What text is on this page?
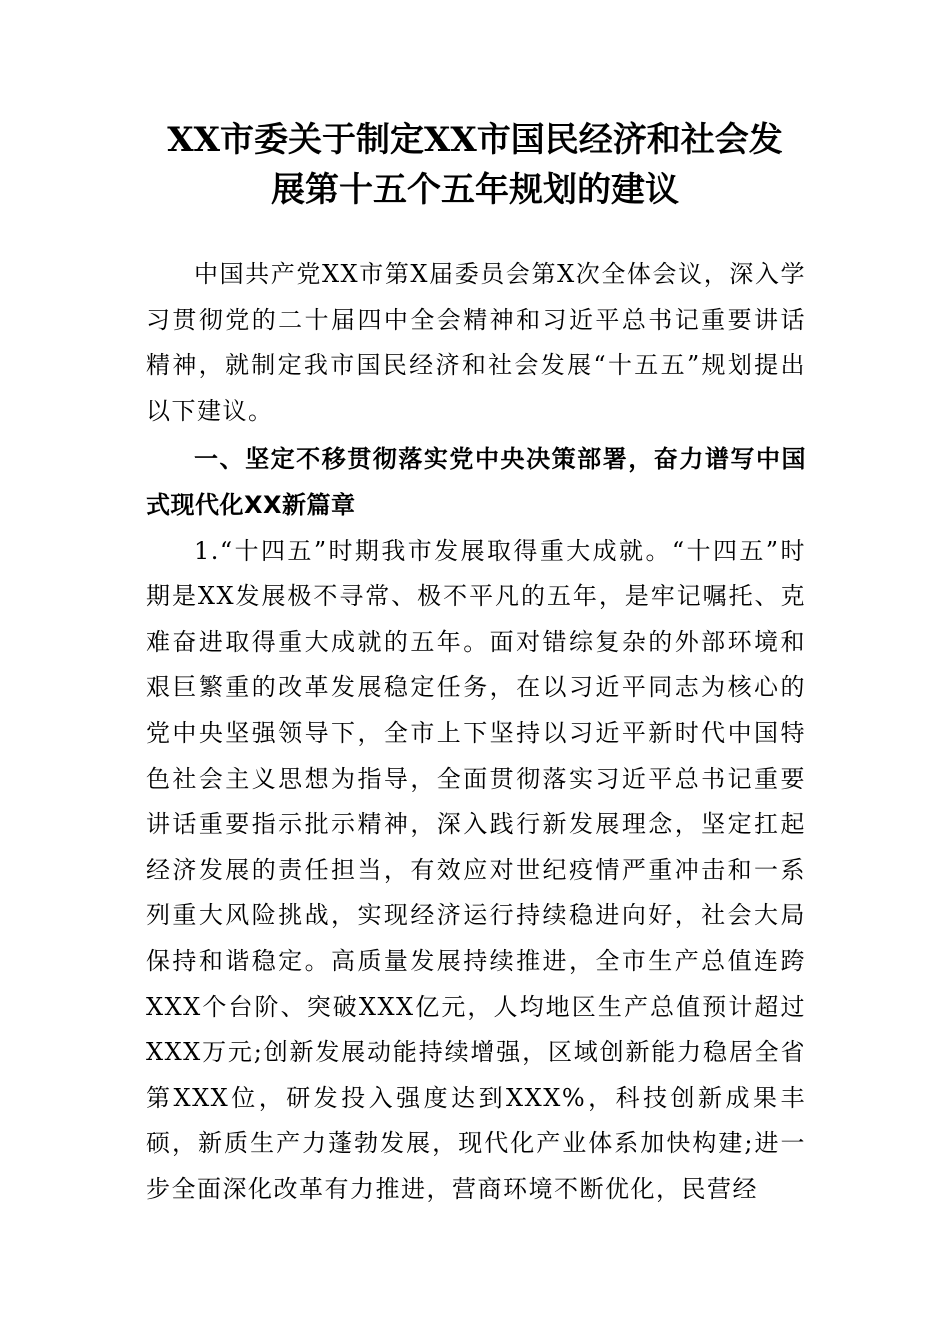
XX市委关于制定XX市国民经济和社会发
展第十五个五年规划的建议

中国共产党XX市第X届委员会第X次全体会议，深入学习贯彻党的二十届四中全会精神和习近平总书记重要讲话精神，就制定我市国民经济和社会发展“十五五”规划提出以下建议。

一、坚定不移贯彻落实党中央决策部署，奋力谱写中国式现代化XX新篇章

1.“十四五”时期我市发展取得重大成就。“十四五”时期是XX发展极不寻常、极不平凡的五年，是牢记嘱托、克难奋进取得重大成就的五年。面对错综复杂的外部环境和艰巨繁重的改革发展稳定任务，在以习近平同志为核心的党中央坚强领导下，全市上下坚持以习近平新时代中国特色社会主义思想为指导，全面贯彻落实习近平总书记重要讲话重要指示批示精神，深入践行新发展理念，坚定扛起经济发展的责任担当，有效应对世纪疫情严重冲击和一系列重大风险挑战，实现经济运行持续稳进向好，社会大局保持和谐稳定。高质量发展持续推进，全市生产总值连跨XXX个台阶、突破XXX亿元，人均地区生产总值预计超过XXX万元;创新发展动能持续增强，区域创新能力稳居全省第XXX位，研发投入强度达到XXX%，科技创新成果丰硕，新质生产力蓬勃发展，现代化产业体系加快构建;进一步全面深化改革有力推进，营商环境不断优化，民营经
